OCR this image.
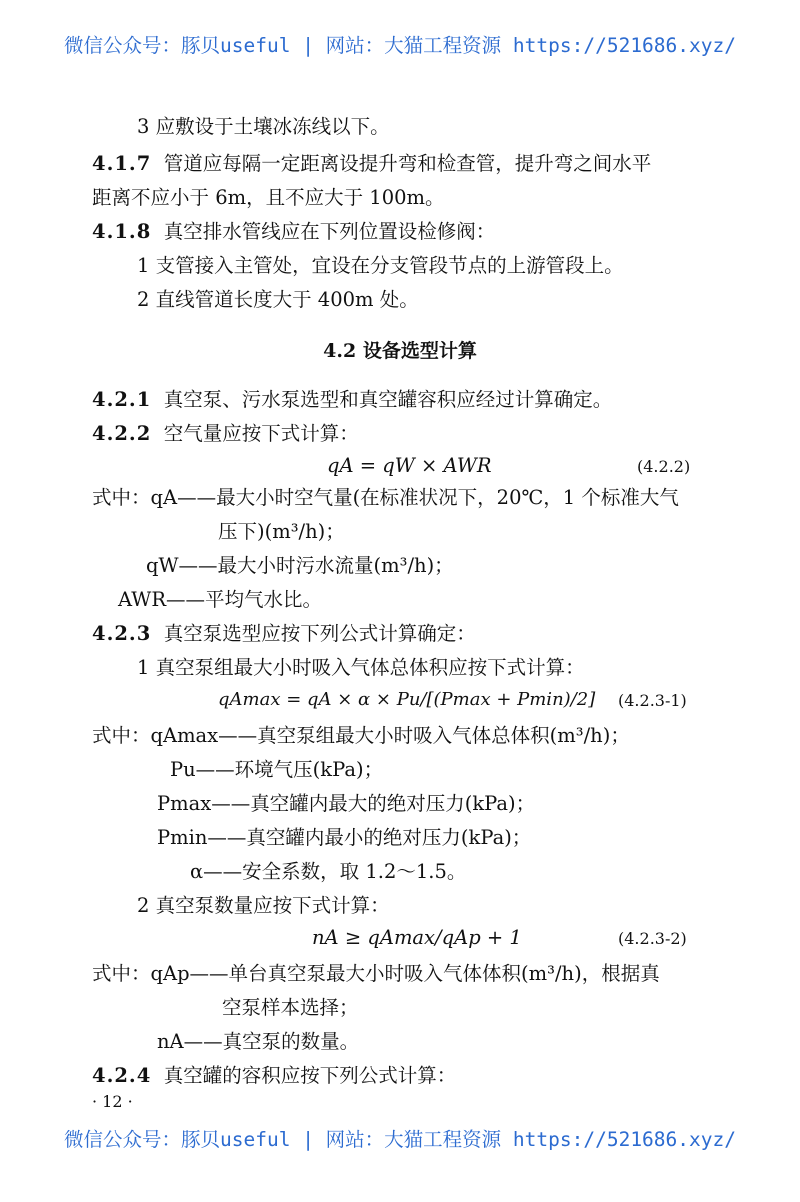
微信公众号：豚贝useful | 网站：大猫工程资源 https://521686.xyz/
3 应敷设于土壤冰冻线以下。
4.1.7 管道应每隔一定距离设提升弯和检查管，提升弯之间水平
距离不应小于 6m，且不应大于 100m。
4.1.8 真空排水管线应在下列位置设检修阀：
1 支管接入主管处，宜设在分支管段节点的上游管段上。
2 直线管道长度大于 400m 处。
4.2 设备选型计算
4.2.1 真空泵、污水泵选型和真空罐容积应经过计算确定。
4.2.2 空气量应按下式计算：
qA = qW × AWR	(4.2.2)
式中：qA——最大小时空气量(在标准状况下，20℃，1 个标准大气
压下)(m³/h)；
qW——最大小时污水流量(m³/h)；
AWR——平均气水比。
4.2.3 真空泵选型应按下列公式计算确定：
1 真空泵组最大小时吸入气体总体积应按下式计算：
qAmax = qA × α × Pu/[(Pmax + Pmin)/2] (4.2.3-1)
式中：qAmax——真空泵组最大小时吸入气体总体积(m³/h)；
Pu——环境气压(kPa)；
Pmax——真空罐内最大的绝对压力(kPa)；
Pmin——真空罐内最小的绝对压力(kPa)；
α——安全系数，取 1.2～1.5。
2 真空泵数量应按下式计算：
nA ≥ qAmax/qAp + 1	(4.2.3-2)
式中：qAp——单台真空泵最大小时吸入气体体积(m³/h)，根据真
空泵样本选择；
nA——真空泵的数量。
4.2.4 真空罐的容积应按下列公式计算：
· 12 ·
微信公众号：豚贝useful | 网站：大猫工程资源 https://521686.xyz/
